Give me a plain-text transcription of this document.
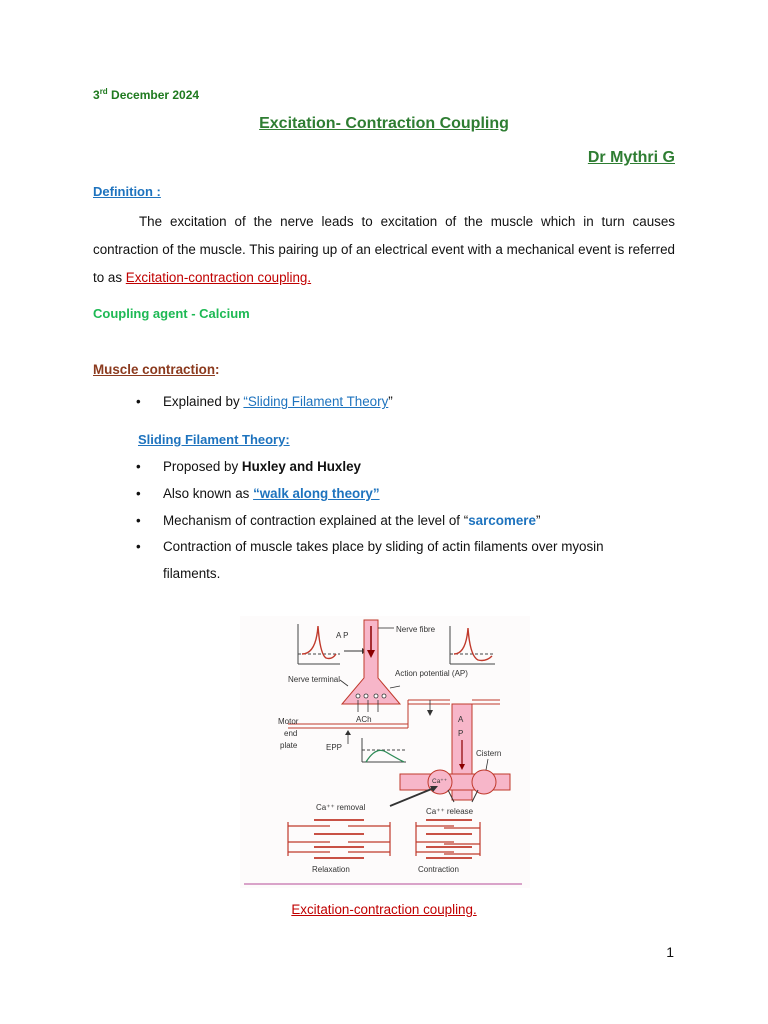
3rd December 2024
Excitation- Contraction Coupling
Dr Mythri G
Definition :
The excitation of the nerve leads to excitation of the muscle which in turn causes contraction of the muscle. This pairing up of an electrical event with a mechanical event is referred to as Excitation-contraction coupling.
Coupling agent - Calcium
Muscle contraction:
• Explained by “Sliding Filament Theory”
Sliding Filament Theory:
• Proposed by Huxley and Huxley
• Also known as “walk along theory”
• Mechanism of contraction explained at the level of “sarcomere”
• Contraction of muscle takes place by sliding of actin filaments over myosin
filaments.
A P
Nerve fibre
Nerve terminal
Action potential (AP)
Motor
end
plate
ACh
EPP
A
P
Ca⁺⁺
Cistern
Ca⁺⁺ removal	Ca⁺⁺ release
Relaxation	Contraction
Excitation-contraction coupling.
1
